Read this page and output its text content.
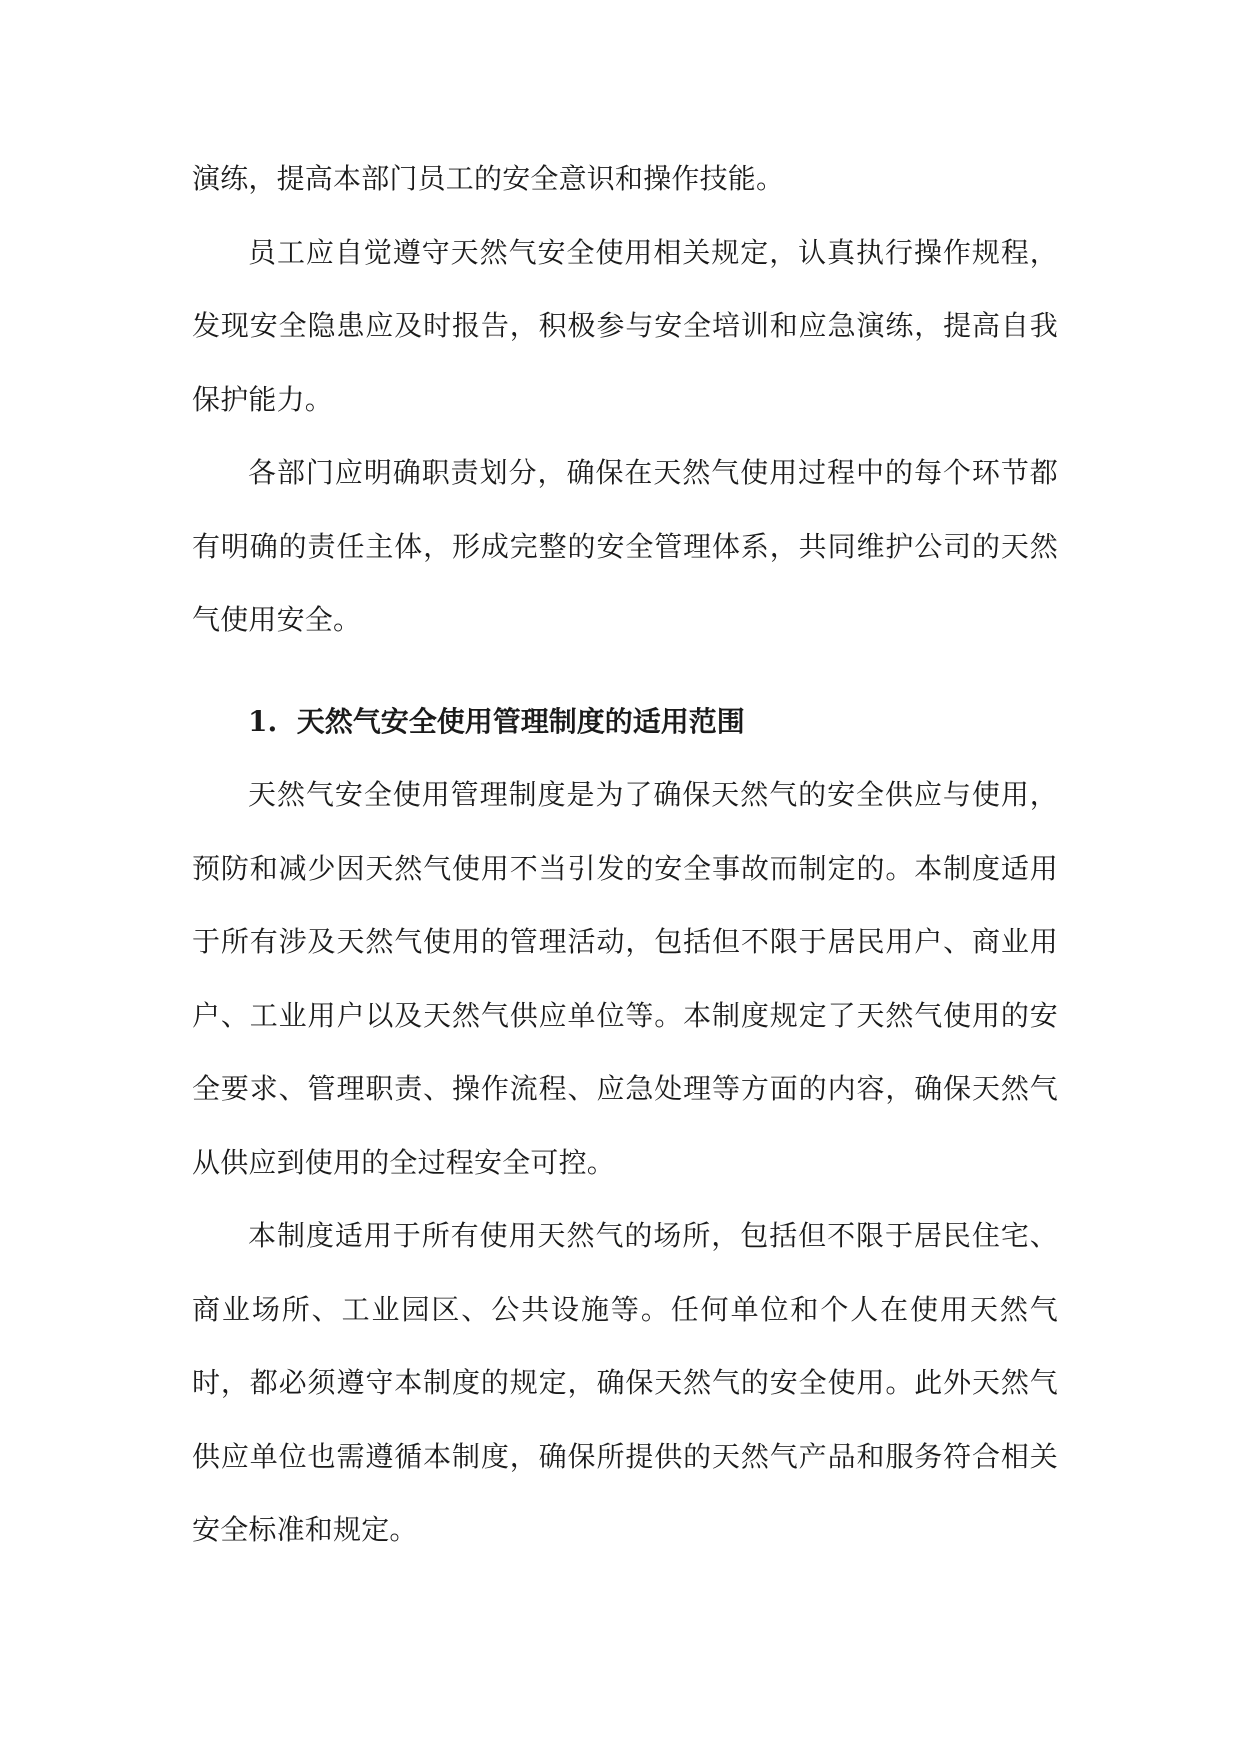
演练，提高本部门员工的安全意识和操作技能。

员工应自觉遵守天然气安全使用相关规定，认真执行操作规程，发现安全隐患应及时报告，积极参与安全培训和应急演练，提高自我保护能力。

各部门应明确职责划分，确保在天然气使用过程中的每个环节都有明确的责任主体，形成完整的安全管理体系，共同维护公司的天然气使用安全。

1. 天然气安全使用管理制度的适用范围

天然气安全使用管理制度是为了确保天然气的安全供应与使用，预防和减少因天然气使用不当引发的安全事故而制定的。本制度适用于所有涉及天然气使用的管理活动，包括但不限于居民用户、商业用户、工业用户以及天然气供应单位等。本制度规定了天然气使用的安全要求、管理职责、操作流程、应急处理等方面的内容，确保天然气从供应到使用的全过程安全可控。

本制度适用于所有使用天然气的场所，包括但不限于居民住宅、商业场所、工业园区、公共设施等。任何单位和个人在使用天然气时，都必须遵守本制度的规定，确保天然气的安全使用。此外天然气供应单位也需遵循本制度，确保所提供的天然气产品和服务符合相关安全标准和规定。
